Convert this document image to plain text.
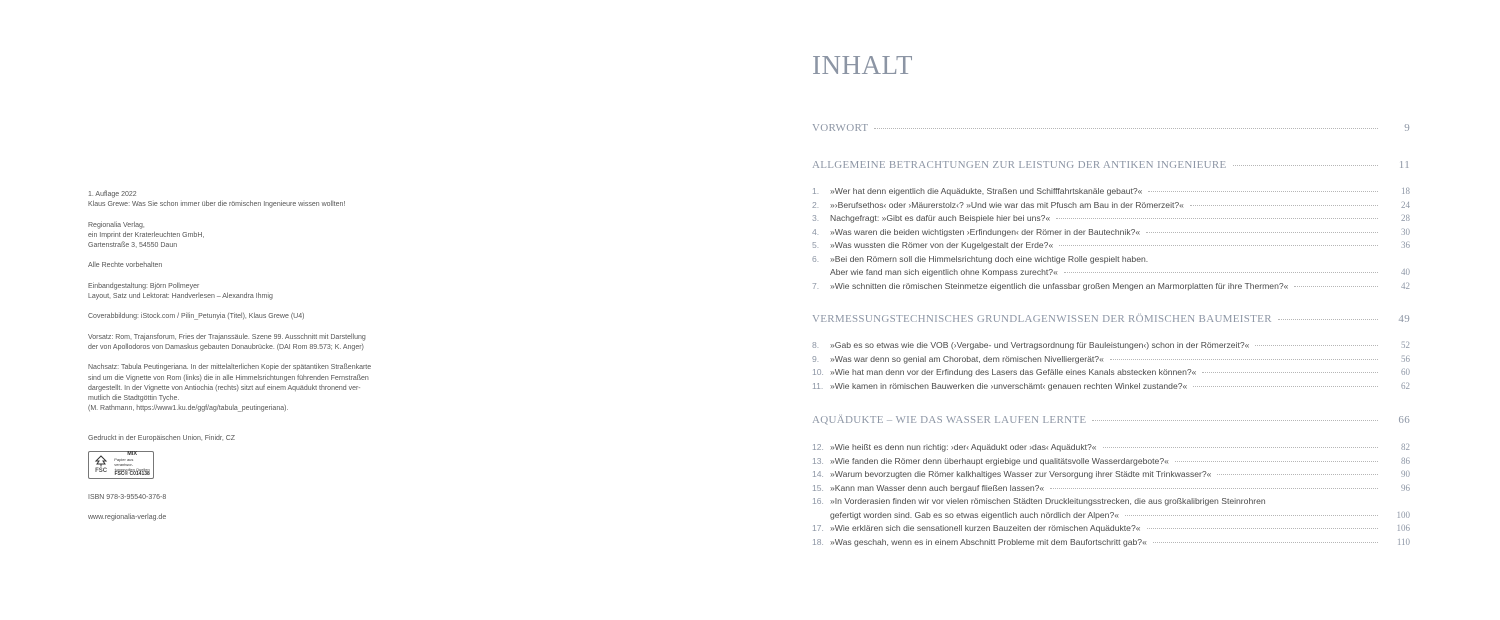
1. Auflage 2022

Klaus Grewe: Was Sie schon immer über die römischen Ingenieure wissen wollten!

Regionalia Verlag,
ein Imprint der Kraterleuchten GmbH,
Gartenstraße 3, 54550 Daun

Alle Rechte vorbehalten

Einbandgestaltung: Björn Pollmeyer
Layout, Satz und Lektorat: Handverlesen – Alexandra Ihmig

Coverabbildung: iStock.com / Pilin_Petunyia (Titel), Klaus Grewe (U4)

Vorsatz: Rom, Trajansforum, Fries der Trajanssäule. Szene 99. Ausschnitt mit Darstellung
der von Apollodoros von Damaskus gebauten Donaubrücke. (DAI Rom 89.573; K. Anger)

Nachsatz: Tabula Peutingeriana. In der mittelalterlichen Kopie der spätantiken Straßenkarte
sind um die Vignette von Rom (links) die in alle Himmelsrichtungen führenden Fernstraßen
dargestellt. In der Vignette von Antiochia (rechts) sitzt auf einem Aquädukt thronend ver-
mutlich die Stadtgöttin Tyche.
(M. Rathmann, https://www1.ku.de/ggf/ag/tabula_peutingeriana).

Gedruckt in der Europäischen Union, Finidr, CZ

FSC
MIX
Papier aus verantwor-
tungsvollen Quellen
FSC® C014138

ISBN 978-3-95540-376-8

www.regionalia-verlag.de

INHALT
VORWORT	9
ALLGEMEINE BETRACHTUNGEN ZUR LEISTUNG DER ANTIKEN INGENIEURE	11
1.	»Wer hat denn eigentlich die Aquädukte, Straßen und Schifffahrtskanäle gebaut?«	18
2.	»›Berufsethos‹ oder ›Mäurerstolz‹? »Und wie war das mit Pfusch am Bau in der Römerzeit?«	24
3.	Nachgefragt: »Gibt es dafür auch Beispiele hier bei uns?«	28
4.	»Was waren die beiden wichtigsten ›Erfindungen‹ der Römer in der Bautechnik?«	30
5.	»Was wussten die Römer von der Kugelgestalt der Erde?«	36
6.	»Bei den Römern soll die Himmelsrichtung doch eine wichtige Rolle gespielt haben.
Aber wie fand man sich eigentlich ohne Kompass zurecht?«	40
7.	»Wie schnitten die römischen Steinmetze eigentlich die unfassbar großen Mengen an Marmorplatten für ihre Thermen?«	42
VERMESSUNGSTECHNISCHES GRUNDLAGENWISSEN DER RÖMISCHEN BAUMEISTER	49
8.	»Gab es so etwas wie die VOB (›Vergabe- und Vertragsordnung für Bauleistungen‹) schon in der Römerzeit?«	52
9.	»Was war denn so genial am Chorobat, dem römischen Nivelliergerät?«	56
10. »Wie hat man denn vor der Erfindung des Lasers das Gefälle eines Kanals abstecken können?«	60
11. »Wie kamen in römischen Bauwerken die ›unverschämt‹ genauen rechten Winkel zustande?«	62
AQUÄDUKTE – WIE DAS WASSER LAUFEN LERNTE	66
12. »Wie heißt es denn nun richtig: ›der‹ Aquädukt oder ›das‹ Aquädukt?«	82
13. »Wie fanden die Römer denn überhaupt ergiebige und qualitätsvolle Wasserdargebote?«	86
14. »Warum bevorzugten die Römer kalkhaltiges Wasser zur Versorgung ihrer Städte mit Trinkwasser?«	90
15. »Kann man Wasser denn auch bergauf fließen lassen?«	96
16. »In Vorderasien finden wir vor vielen römischen Städten Druckleitungsstrecken, die aus großkalibrigen Steinrohren
gefertigt worden sind. Gab es so etwas eigentlich auch nördlich der Alpen?«	100
17. »Wie erklären sich die sensationell kurzen Bauzeiten der römischen Aquädukte?«	106
18. »Was geschah, wenn es in einem Abschnitt Probleme mit dem Baufortschritt gab?«	110
